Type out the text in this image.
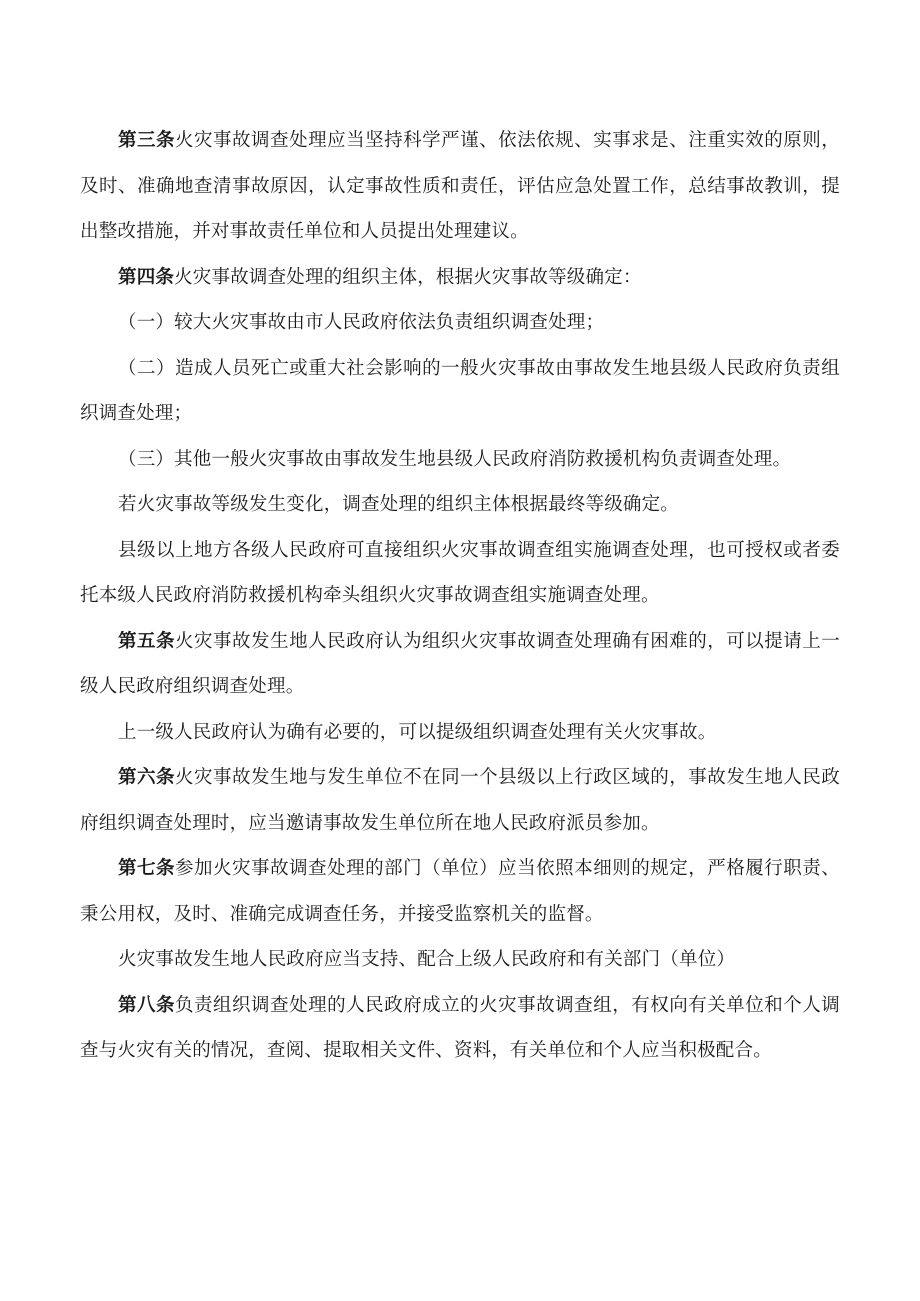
第三条火灾事故调查处理应当坚持科学严谨、依法依规、实事求是、注重实效的原则，及时、准确地查清事故原因，认定事故性质和责任，评估应急处置工作，总结事故教训，提出整改措施，并对事故责任单位和人员提出处理建议。

第四条火灾事故调查处理的组织主体，根据火灾事故等级确定：

（一）较大火灾事故由市人民政府依法负责组织调查处理；

（二）造成人员死亡或重大社会影响的一般火灾事故由事故发生地县级人民政府负责组织调查处理；

（三）其他一般火灾事故由事故发生地县级人民政府消防救援机构负责调查处理。

若火灾事故等级发生变化，调查处理的组织主体根据最终等级确定。

县级以上地方各级人民政府可直接组织火灾事故调查组实施调查处理，也可授权或者委托本级人民政府消防救援机构牵头组织火灾事故调查组实施调查处理。

第五条火灾事故发生地人民政府认为组织火灾事故调查处理确有困难的，可以提请上一级人民政府组织调查处理。

上一级人民政府认为确有必要的，可以提级组织调查处理有关火灾事故。

第六条火灾事故发生地与发生单位不在同一个县级以上行政区域的，事故发生地人民政府组织调查处理时，应当邀请事故发生单位所在地人民政府派员参加。

第七条参加火灾事故调查处理的部门（单位）应当依照本细则的规定，严格履行职责、秉公用权，及时、准确完成调查任务，并接受监察机关的监督。

火灾事故发生地人民政府应当支持、配合上级人民政府和有关部门（单位）

第八条负责组织调查处理的人民政府成立的火灾事故调查组，有权向有关单位和个人调查与火灾有关的情况，查阅、提取相关文件、资料，有关单位和个人应当积极配合。
